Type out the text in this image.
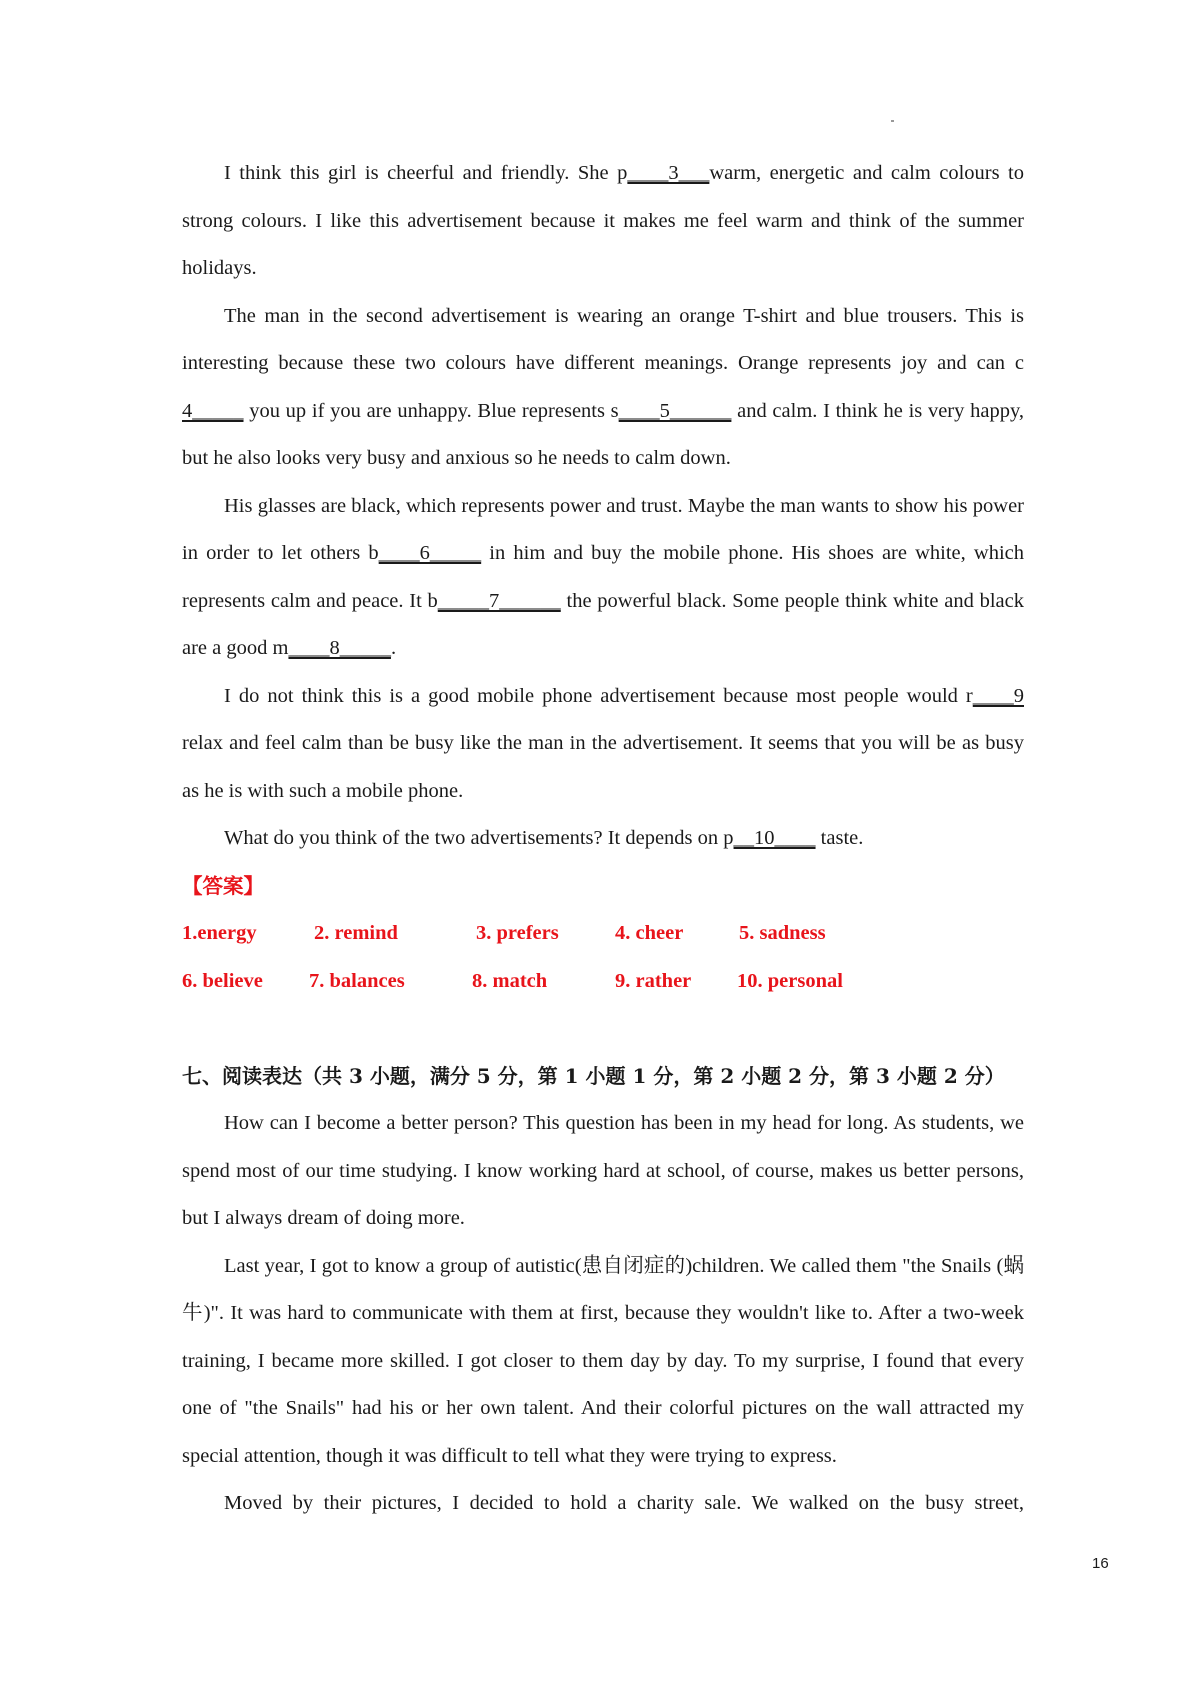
I think this girl is cheerful and friendly. She p____3___warm, energetic and calm colours to strong colours. I like this advertisement because it makes me feel warm and think of the summer holidays.

The man in the second advertisement is wearing an orange T-shirt and blue trousers. This is interesting because these two colours have different meanings. Orange represents joy and can c 4_____ you up if you are unhappy. Blue represents s____5______ and calm. I think he is very happy, but he also looks very busy and anxious so he needs to calm down.

His glasses are black, which represents power and trust. Maybe the man wants to show his power in order to let others b____6_____ in him and buy the mobile phone. His shoes are white, which represents calm and peace. It b_____7______ the powerful black. Some people think white and black are a good m____8_____.

I do not think this is a good mobile phone advertisement because most people would r____9 relax and feel calm than be busy like the man in the advertisement. It seems that you will be as busy as he is with such a mobile phone.

What do you think of the two advertisements? It depends on p__10____ taste.

【答案】
1.energy	2. remind	3. prefers	4. cheer	5. sadness
6. believe 7. balances	8. match	9. rather 10. personal
七、阅读表达（共 3 小题，满分 5 分，第 1 小题 1 分，第 2 小题 2 分，第 3 小题 2 分）

How can I become a better person? This question has been in my head for long. As students, we spend most of our time studying. I know working hard at school, of course, makes us better persons, but I always dream of doing more.

Last year, I got to know a group of autistic(患自闭症的)children. We called them "the Snails (蜗牛)". It was hard to communicate with them at first, because they wouldn't like to. After a two-week training, I became more skilled. I got closer to them day by day. To my surprise, I found that every one of "the Snails" had his or her own talent. And their colorful pictures on the wall attracted my special attention, though it was difficult to tell what they were trying to express.

Moved by their pictures, I decided to hold a charity sale. We walked on the busy street,

16
